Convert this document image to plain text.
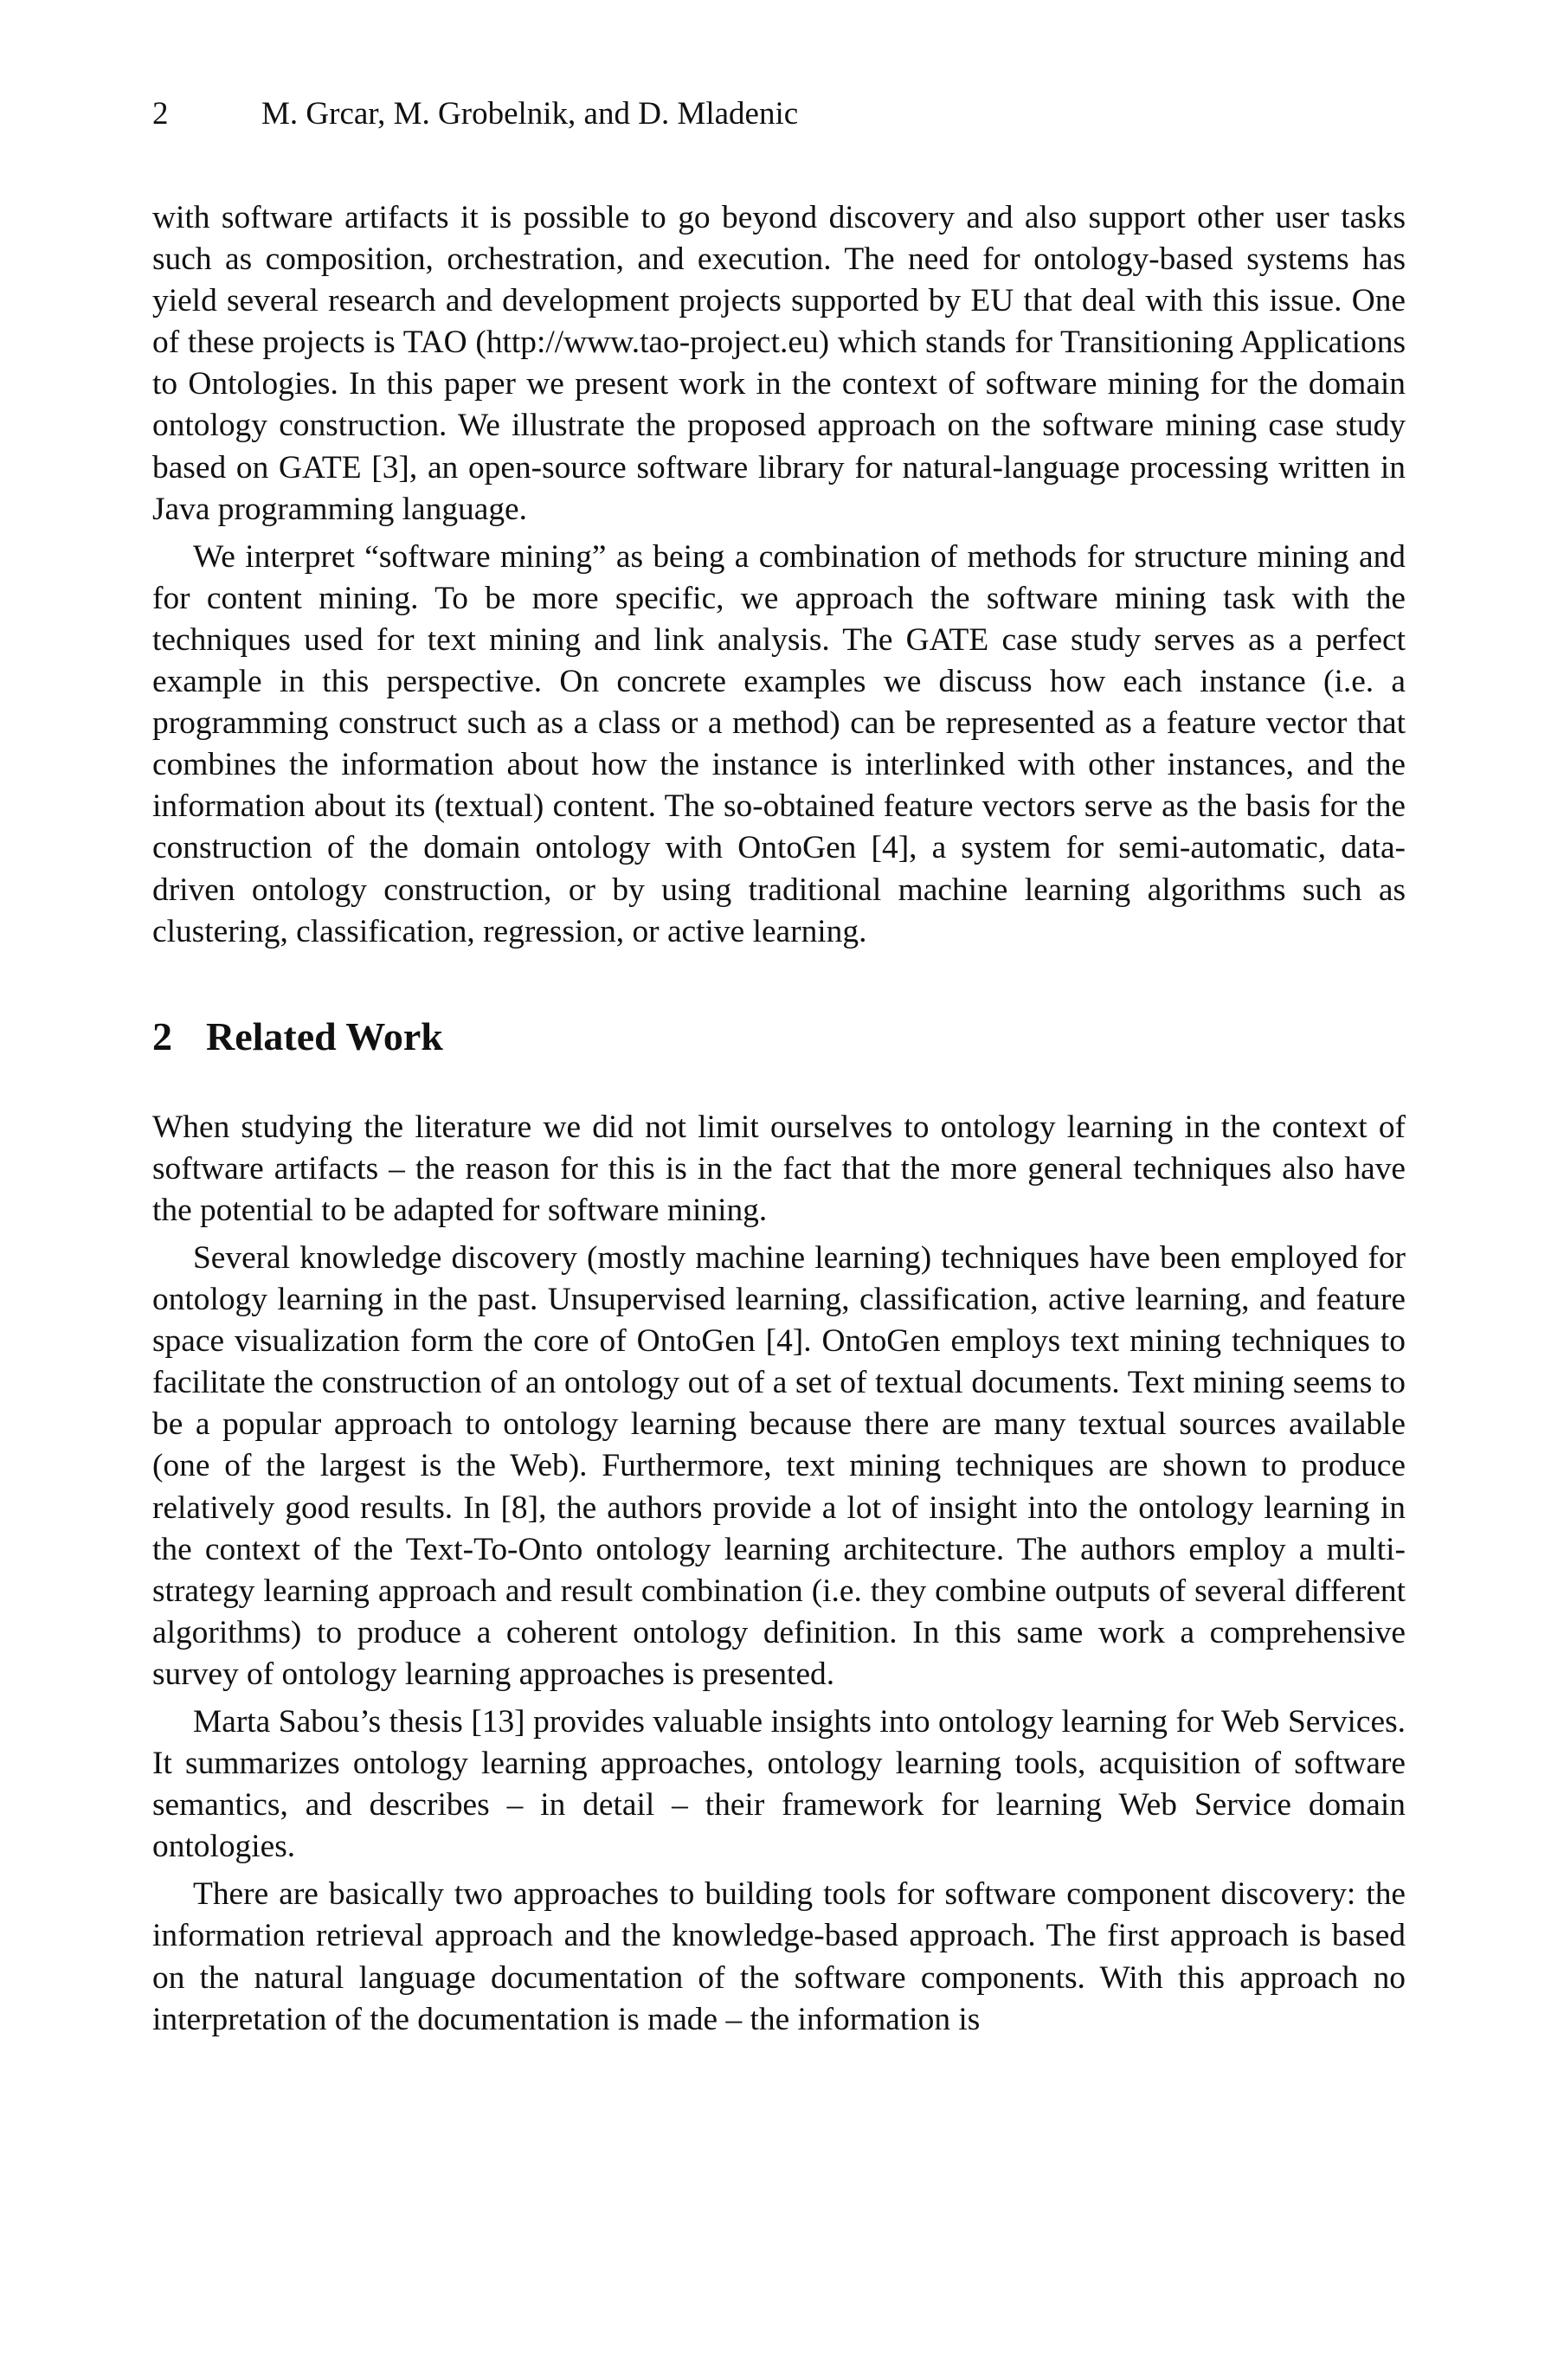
2	M. Grcar, M. Grobelnik, and D. Mladenic

with software artifacts it is possible to go beyond discovery and also support other user tasks such as composition, orchestration, and execution. The need for ontology-based systems has yield several research and development projects supported by EU that deal with this issue. One of these projects is TAO (http://www.tao-project.eu) which stands for Transitioning Applications to Ontologies. In this paper we present work in the context of software mining for the domain ontology construction. We illustrate the proposed approach on the software mining case study based on GATE [3], an open-source software library for natural-language processing written in Java programming language.

We interpret “software mining” as being a combination of methods for structure mining and for content mining. To be more specific, we approach the software mining task with the techniques used for text mining and link analysis. The GATE case study serves as a perfect example in this perspective. On concrete examples we discuss how each instance (i.e. a programming construct such as a class or a method) can be represented as a feature vector that combines the information about how the instance is interlinked with other instances, and the information about its (textual) content. The so-obtained feature vectors serve as the basis for the construction of the domain ontology with OntoGen [4], a system for semi-automatic, data-driven ontology construction, or by using traditional machine learning algorithms such as clustering, classification, regression, or active learning.

2 Related Work

When studying the literature we did not limit ourselves to ontology learning in the context of software artifacts – the reason for this is in the fact that the more general techniques also have the potential to be adapted for software mining.

Several knowledge discovery (mostly machine learning) techniques have been employed for ontology learning in the past. Unsupervised learning, classification, active learning, and feature space visualization form the core of OntoGen [4]. OntoGen employs text mining techniques to facilitate the construction of an ontology out of a set of textual documents. Text mining seems to be a popular approach to ontology learning because there are many textual sources available (one of the largest is the Web). Furthermore, text mining techniques are shown to produce relatively good results. In [8], the authors provide a lot of insight into the ontology learning in the context of the Text-To-Onto ontology learning architecture. The authors employ a multi-strategy learning approach and result combination (i.e. they combine outputs of several different algorithms) to produce a coherent ontology definition. In this same work a comprehensive survey of ontology learning approaches is presented.

Marta Sabou’s thesis [13] provides valuable insights into ontology learning for Web Services. It summarizes ontology learning approaches, ontology learning tools, acquisition of software semantics, and describes – in detail – their framework for learning Web Service domain ontologies.

There are basically two approaches to building tools for software component discovery: the information retrieval approach and the knowledge-based approach. The first approach is based on the natural language documentation of the software components. With this approach no interpretation of the documentation is made – the information is
